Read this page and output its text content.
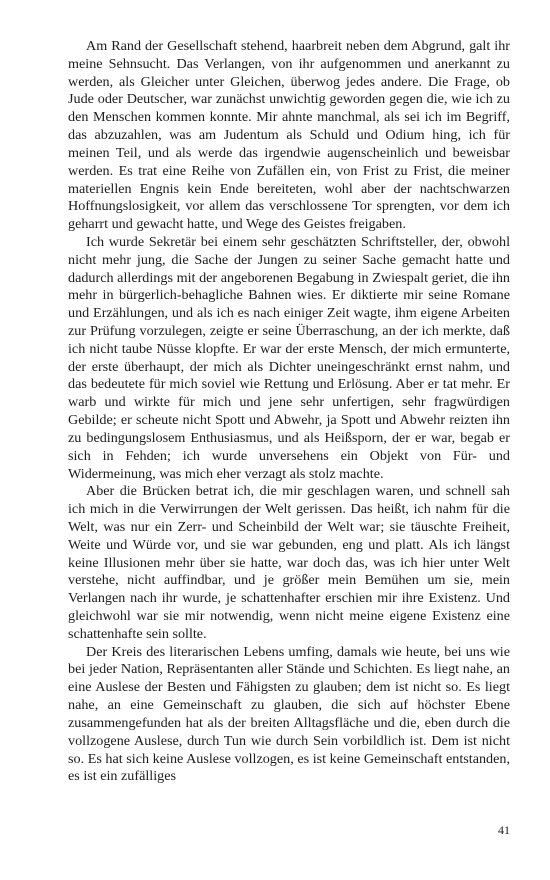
Am Rand der Gesellschaft stehend, haarbreit neben dem Abgrund, galt ihr meine Sehnsucht. Das Verlangen, von ihr aufgenommen und anerkannt zu werden, als Gleicher unter Gleichen, überwog jedes andere. Die Frage, ob Jude oder Deutscher, war zunächst unwichtig geworden gegen die, wie ich zu den Menschen kommen konnte. Mir ahnte manchmal, als sei ich im Begriff, das abzuzahlen, was am Judentum als Schuld und Odium hing, ich für meinen Teil, und als werde das irgendwie augenscheinlich und beweisbar werden. Es trat eine Reihe von Zufällen ein, von Frist zu Frist, die meiner materiellen Engnis kein Ende bereiteten, wohl aber der nachtschwarzen Hoffnungslosigkeit, vor allem das verschlossene Tor sprengten, vor dem ich geharrt und gewacht hatte, und Wege des Geistes freigaben.

Ich wurde Sekretär bei einem sehr geschätzten Schriftsteller, der, obwohl nicht mehr jung, die Sache der Jungen zu seiner Sache gemacht hatte und dadurch allerdings mit der angeborenen Begabung in Zwiespalt geriet, die ihn mehr in bürgerlich-behagliche Bahnen wies. Er diktierte mir seine Romane und Erzählungen, und als ich es nach einiger Zeit wagte, ihm eigene Arbeiten zur Prüfung vorzulegen, zeigte er seine Überraschung, an der ich merkte, daß ich nicht taube Nüsse klopfte. Er war der erste Mensch, der mich ermunterte, der erste überhaupt, der mich als Dichter uneingeschränkt ernst nahm, und das bedeutete für mich soviel wie Rettung und Erlösung. Aber er tat mehr. Er warb und wirkte für mich und jene sehr unfertigen, sehr fragwürdigen Gebilde; er scheute nicht Spott und Abwehr, ja Spott und Abwehr reizten ihn zu bedingungslosem Enthusiasmus, und als Heißsporn, der er war, begab er sich in Fehden; ich wurde unversehens ein Objekt von Für- und Widermeinung, was mich eher verzagt als stolz machte.

Aber die Brücken betrat ich, die mir geschlagen waren, und schnell sah ich mich in die Verwirrungen der Welt gerissen. Das heißt, ich nahm für die Welt, was nur ein Zerr- und Scheinbild der Welt war; sie täuschte Freiheit, Weite und Würde vor, und sie war gebunden, eng und platt. Als ich längst keine Illusionen mehr über sie hatte, war doch das, was ich hier unter Welt verstehe, nicht auffindbar, und je größer mein Bemühen um sie, mein Verlangen nach ihr wurde, je schattenhafter erschien mir ihre Existenz. Und gleichwohl war sie mir notwendig, wenn nicht meine eigene Existenz eine schattenhafte sein sollte.

Der Kreis des literarischen Lebens umfing, damals wie heute, bei uns wie bei jeder Nation, Repräsentanten aller Stände und Schichten. Es liegt nahe, an eine Auslese der Besten und Fähigsten zu glauben; dem ist nicht so. Es liegt nahe, an eine Gemeinschaft zu glauben, die sich auf höchster Ebene zusammengefunden hat als der breiten Alltagsfläche und die, eben durch die vollzogene Auslese, durch Tun wie durch Sein vorbildlich ist. Dem ist nicht so. Es hat sich keine Auslese vollzogen, es ist keine Gemeinschaft entstanden, es ist ein zufälliges

41
